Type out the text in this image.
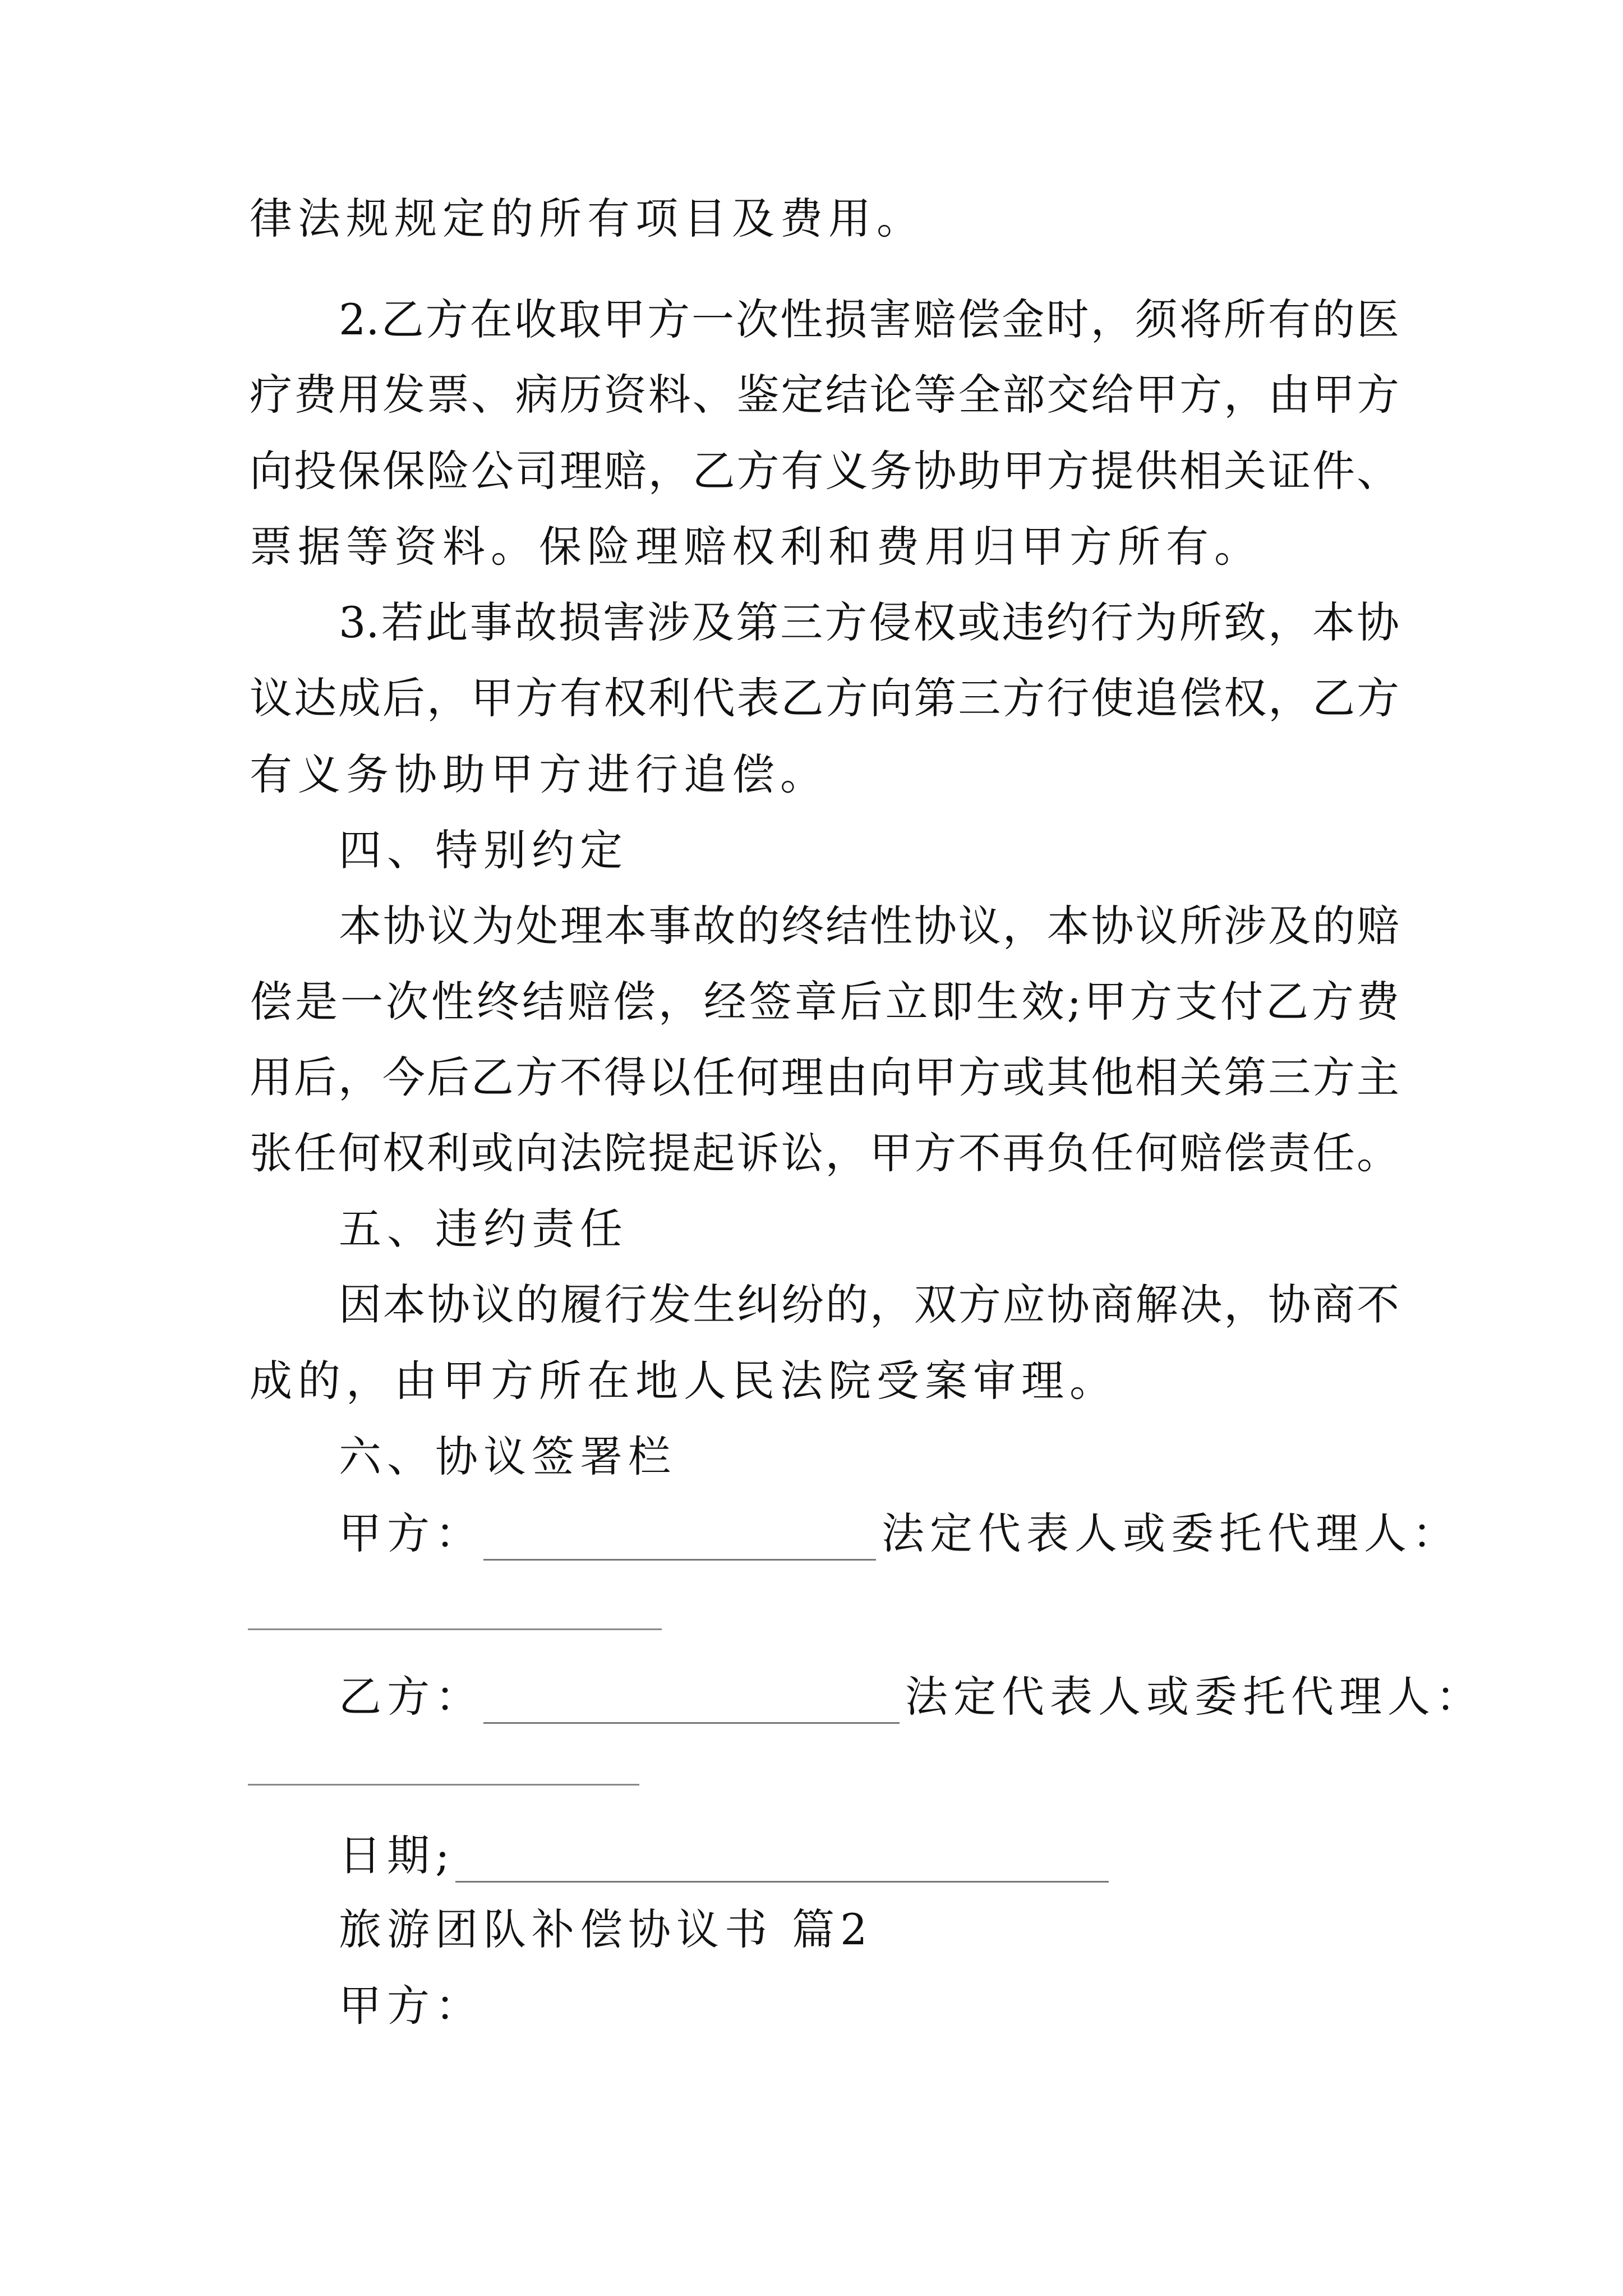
律法规规定的所有项目及费用。
2.乙方在收取甲方一次性损害赔偿金时，须将所有的医
疗费用发票、病历资料、鉴定结论等全部交给甲方，由甲方
向投保保险公司理赔，乙方有义务协助甲方提供相关证件、
票据等资料。保险理赔权利和费用归甲方所有。
3.若此事故损害涉及第三方侵权或违约行为所致，本协
议达成后，甲方有权利代表乙方向第三方行使追偿权，乙方
有义务协助甲方进行追偿。
四、特别约定
本协议为处理本事故的终结性协议，本协议所涉及的赔
偿是一次性终结赔偿，经签章后立即生效;甲方支付乙方费
用后，今后乙方不得以任何理由向甲方或其他相关第三方主
张任何权利或向法院提起诉讼，甲方不再负任何赔偿责任。
五、违约责任
因本协议的履行发生纠纷的，双方应协商解决，协商不
成的，由甲方所在地人民法院受案审理。
六、协议签署栏
甲方：	法定代表人或委托代理人：
乙方：	法定代表人或委托代理人：
日期;
旅游团队补偿协议书 篇2
甲方：
